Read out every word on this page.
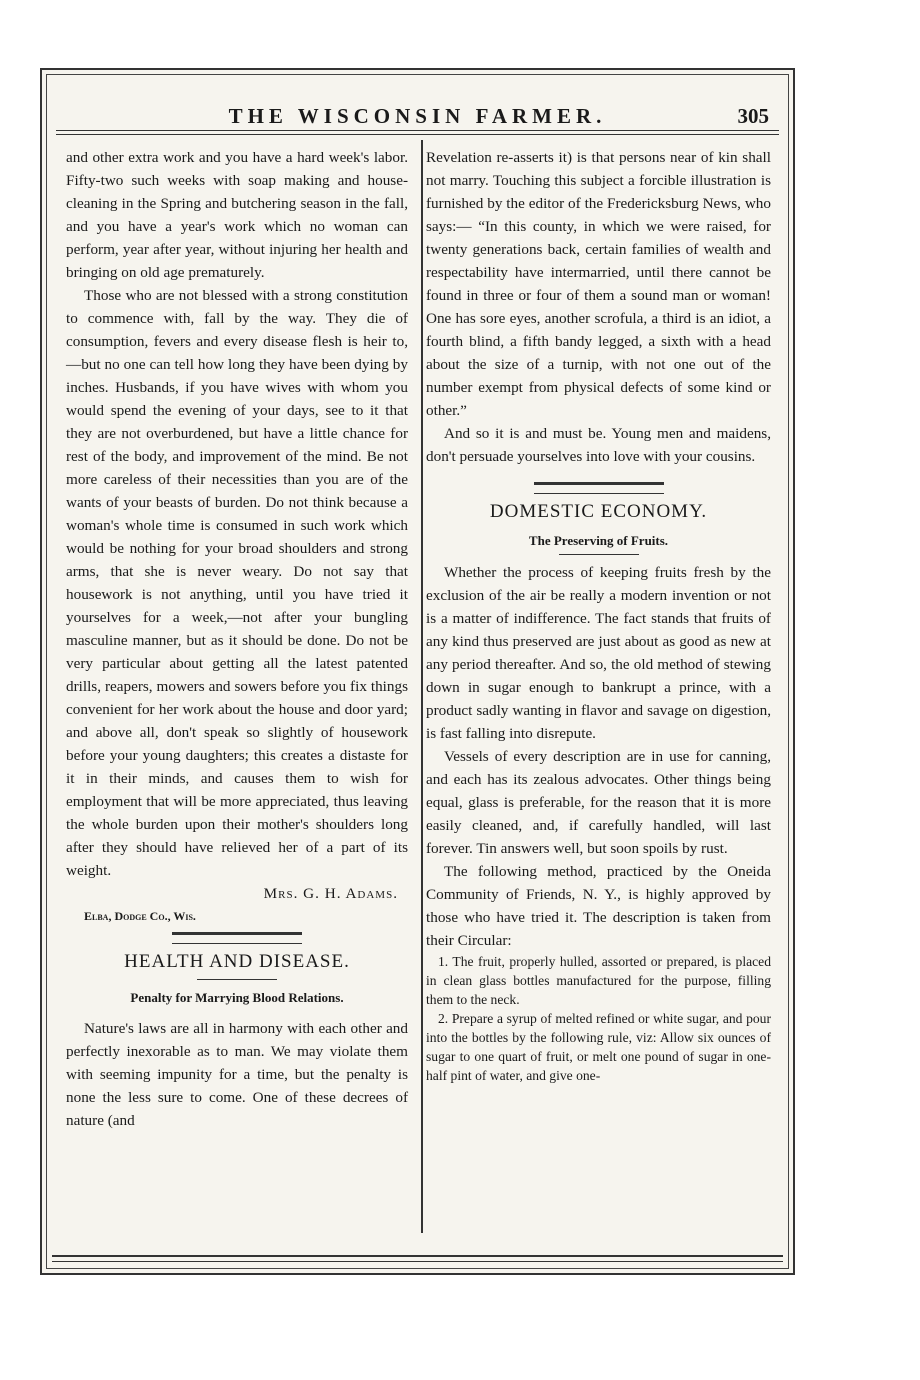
THE WISCONSIN FARMER.	305

and other extra work and you have a hard week's labor. Fifty-two such weeks with soap making and house-cleaning in the Spring and butchering season in the fall, and you have a year's work which no woman can perform, year after year, without injuring her health and bringing on old age prematurely.

Those who are not blessed with a strong constitution to commence with, fall by the way. They die of consumption, fevers and every disease flesh is heir to,—but no one can tell how long they have been dying by inches. Husbands, if you have wives with whom you would spend the evening of your days, see to it that they are not overburdened, but have a little chance for rest of the body, and improvement of the mind. Be not more careless of their necessities than you are of the wants of your beasts of burden. Do not think because a woman's whole time is consumed in such work which would be nothing for your broad shoulders and strong arms, that she is never weary. Do not say that housework is not anything, until you have tried it yourselves for a week,—not after your bungling masculine manner, but as it should be done. Do not be very particular about getting all the latest patented drills, reapers, mowers and sowers before you fix things convenient for her work about the house and door yard; and above all, don't speak so slightly of housework before your young daughters; this creates a distaste for it in their minds, and causes them to wish for employment that will be more appreciated, thus leaving the whole burden upon their mother's shoulders long after they should have relieved her of a part of its weight.

Mrs. G. H. Adams.

Elba, Dodge Co., Wis.

HEALTH AND DISEASE.
Penalty for Marrying Blood Relations.

Nature's laws are all in harmony with each other and perfectly inexorable as to man. We may violate them with seeming impunity for a time, but the penalty is none the less sure to come. One of these decrees of nature (and

Revelation re-asserts it) is that persons near of kin shall not marry. Touching this subject a forcible illustration is furnished by the editor of the Fredericksburg News, who says:— “In this county, in which we were raised, for twenty generations back, certain families of wealth and respectability have intermarried, until there cannot be found in three or four of them a sound man or woman! One has sore eyes, another scrofula, a third is an idiot, a fourth blind, a fifth bandy legged, a sixth with a head about the size of a turnip, with not one out of the number exempt from physical defects of some kind or other.”

And so it is and must be. Young men and maidens, don't persuade yourselves into love with your cousins.

DOMESTIC ECONOMY.
The Preserving of Fruits.

Whether the process of keeping fruits fresh by the exclusion of the air be really a modern invention or not is a matter of indifference. The fact stands that fruits of any kind thus preserved are just about as good as new at any period thereafter. And so, the old method of stewing down in sugar enough to bankrupt a prince, with a product sadly wanting in flavor and savage on digestion, is fast falling into disrepute.

Vessels of every description are in use for canning, and each has its zealous advocates. Other things being equal, glass is preferable, for the reason that it is more easily cleaned, and, if carefully handled, will last forever. Tin answers well, but soon spoils by rust.

The following method, practiced by the Oneida Community of Friends, N. Y., is highly approved by those who have tried it. The description is taken from their Circular:

1. The fruit, properly hulled, assorted or prepared, is placed in clean glass bottles manufactured for the purpose, filling them to the neck.

2. Prepare a syrup of melted refined or white sugar, and pour into the bottles by the following rule, viz: Allow six ounces of sugar to one quart of fruit, or melt one pound of sugar in one-half pint of water, and give one-
